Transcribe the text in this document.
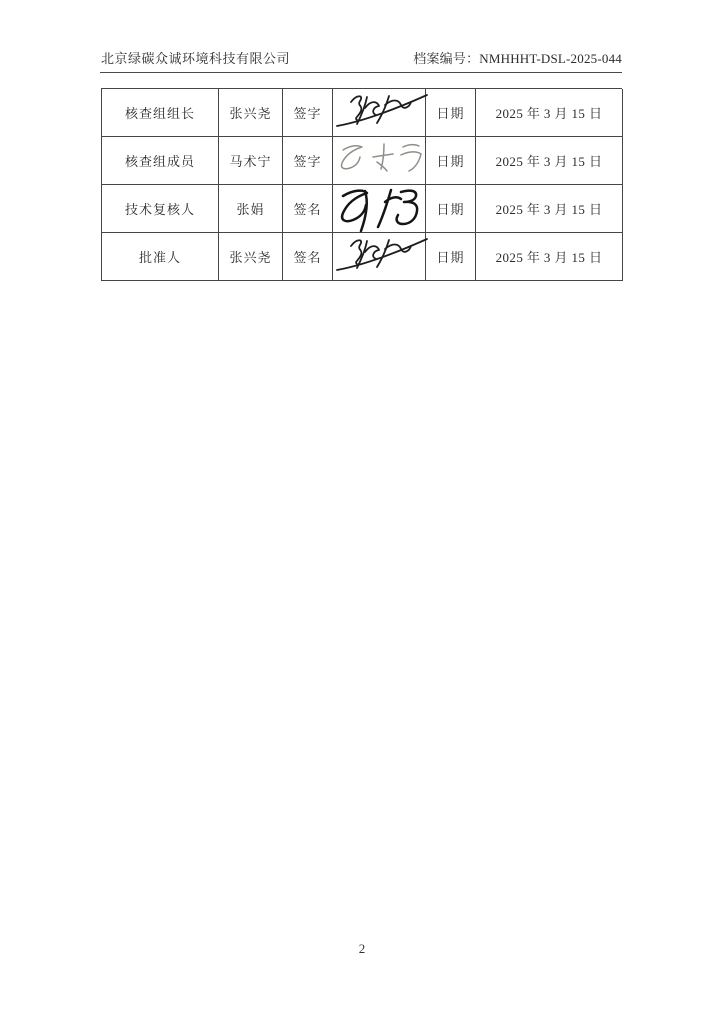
北京绿碳众诚环境科技有限公司	档案编号：NMHHHT-DSL-2025-044
核查组组长	张兴尧	签字	日期	2025 年 3 月 15 日
核查组成员	马术宁	签字	日期	2025 年 3 月 15 日
技术复核人	张娟	签名	日期	2025 年 3 月 15 日
批准人	张兴尧	签名	日期	2025 年 3 月 15 日
2
